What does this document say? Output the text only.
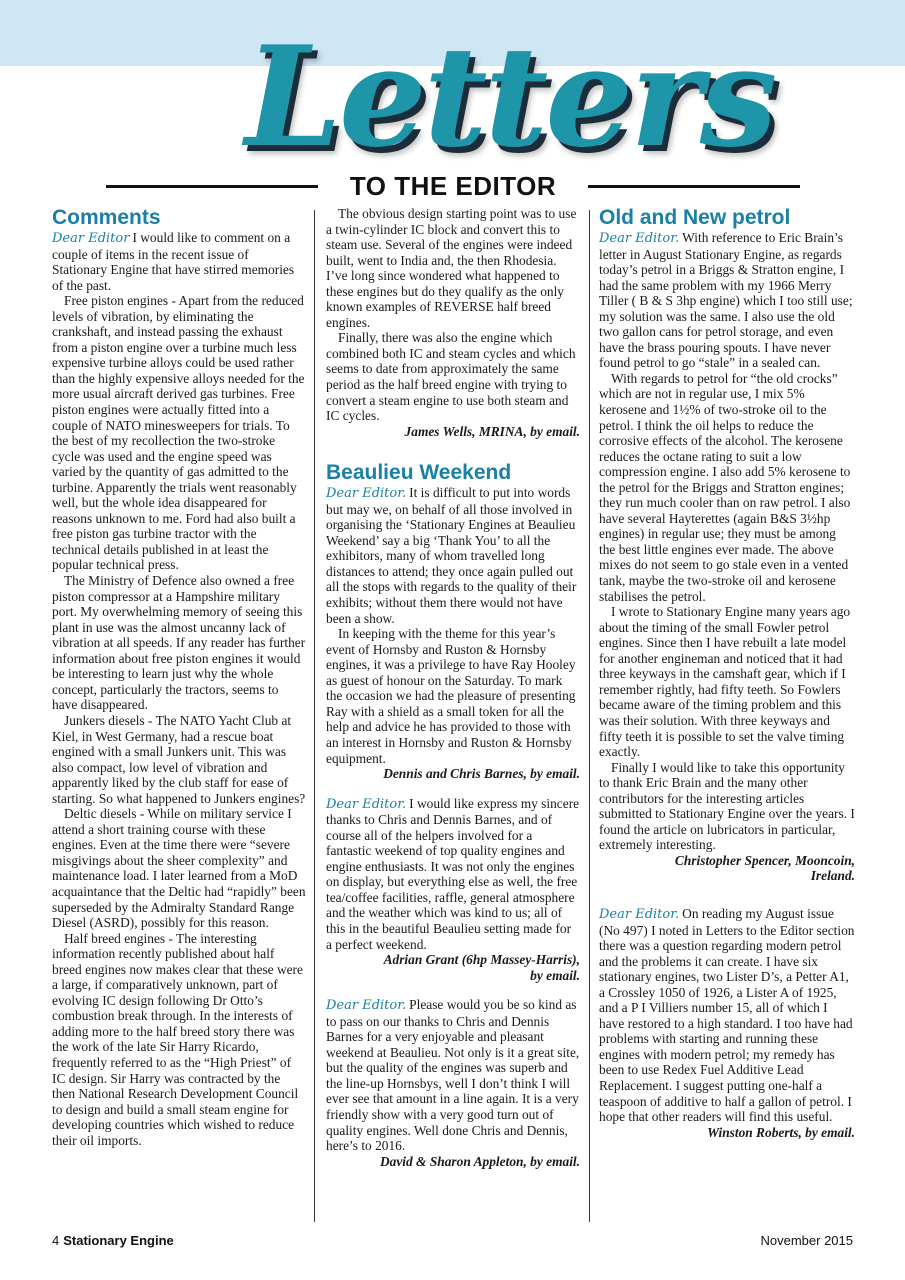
Letters
TO THE EDITOR
Comments

Dear Editor I would like to comment on a couple of items in the recent issue of Stationary Engine that have stirred memories of the past.

Free piston engines - Apart from the reduced levels of vibration, by eliminating the crankshaft, and instead passing the exhaust from a piston engine over a turbine much less expensive turbine alloys could be used rather than the highly expensive alloys needed for the more usual aircraft derived gas turbines. Free piston engines were actually fitted into a couple of NATO minesweepers for trials. To the best of my recollection the two-stroke cycle was used and the engine speed was varied by the quantity of gas admitted to the turbine. Apparently the trials went reasonably well, but the whole idea disappeared for reasons unknown to me. Ford had also built a free piston gas turbine tractor with the technical details published in at least the popular technical press.

The Ministry of Defence also owned a free piston compressor at a Hampshire military port. My overwhelming memory of seeing this plant in use was the almost uncanny lack of vibration at all speeds. If any reader has further information about free piston engines it would be interesting to learn just why the whole concept, particularly the tractors, seems to have disappeared.

Junkers diesels - The NATO Yacht Club at Kiel, in West Germany, had a rescue boat engined with a small Junkers unit. This was also compact, low level of vibration and apparently liked by the club staff for ease of starting. So what happened to Junkers engines?

Deltic diesels - While on military service I attend a short training course with these engines. Even at the time there were “severe misgivings about the sheer complexity” and maintenance load. I later learned from a MoD acquaintance that the Deltic had “rapidly” been superseded by the Admiralty Standard Range Diesel (ASRD), possibly for this reason.

Half breed engines - The interesting information recently published about half breed engines now makes clear that these were a large, if comparatively unknown, part of evolving IC design following Dr Otto’s combustion break through. In the interests of adding more to the half breed story there was the work of the late Sir Harry Ricardo, frequently referred to as the “High Priest” of IC design. Sir Harry was contracted by the then National Research Development Council to design and build a small steam engine for developing countries which wished to reduce their oil imports.

The obvious design starting point was to use a twin-cylinder IC block and convert this to steam use. Several of the engines were indeed built, went to India and, the then Rhodesia. I’ve long since wondered what happened to these engines but do they qualify as the only known examples of REVERSE half breed engines.

Finally, there was also the engine which combined both IC and steam cycles and which seems to date from approximately the same period as the half breed engine with trying to convert a steam engine to use both steam and IC cycles.

James Wells, MRINA, by email.

Beaulieu Weekend

Dear Editor. It is difficult to put into words but may we, on behalf of all those involved in organising the ‘Stationary Engines at Beaulieu Weekend’ say a big ‘Thank You’ to all the exhibitors, many of whom travelled long distances to attend; they once again pulled out all the stops with regards to the quality of their exhibits; without them there would not have been a show.

In keeping with the theme for this year’s event of Hornsby and Ruston & Hornsby engines, it was a privilege to have Ray Hooley as guest of honour on the Saturday. To mark the occasion we had the pleasure of presenting Ray with a shield as a small token for all the help and advice he has provided to those with an interest in Hornsby and Ruston & Hornsby equipment.

Dennis and Chris Barnes, by email.

Dear Editor. I would like express my sincere thanks to Chris and Dennis Barnes, and of course all of the helpers involved for a fantastic weekend of top quality engines and engine enthusiasts. It was not only the engines on display, but everything else as well, the free tea/coffee facilities, raffle, general atmosphere and the weather which was kind to us; all of this in the beautiful Beaulieu setting made for a perfect weekend.

Adrian Grant (6hp Massey-Harris),

by email.

Dear Editor. Please would you be so kind as to pass on our thanks to Chris and Dennis Barnes for a very enjoyable and pleasant weekend at Beaulieu. Not only is it a great site, but the quality of the engines was superb and the line-up Hornsbys, well I don’t think I will ever see that amount in a line again. It is a very friendly show with a very good turn out of quality engines. Well done Chris and Dennis, here’s to 2016.

David & Sharon Appleton, by email.

Old and New petrol

Dear Editor. With reference to Eric Brain’s letter in August Stationary Engine, as regards today’s petrol in a Briggs & Stratton engine, I had the same problem with my 1966 Merry Tiller ( B & S 3hp engine) which I too still use; my solution was the same. I also use the old two gallon cans for petrol storage, and even have the brass pouring spouts. I have never found petrol to go “stale” in a sealed can.

With regards to petrol for “the old crocks” which are not in regular use, I mix 5% kerosene and 1½% of two-stroke oil to the petrol. I think the oil helps to reduce the corrosive effects of the alcohol. The kerosene reduces the octane rating to suit a low compression engine. I also add 5% kerosene to the petrol for the Briggs and Stratton engines; they run much cooler than on raw petrol. I also have several Hayterettes (again B&S 3½hp engines) in regular use; they must be among the best little engines ever made. The above mixes do not seem to go stale even in a vented tank, maybe the two-stroke oil and kerosene stabilises the petrol.

I wrote to Stationary Engine many years ago about the timing of the small Fowler petrol engines. Since then I have rebuilt a late model for another engineman and noticed that it had three keyways in the camshaft gear, which if I remember rightly, had fifty teeth. So Fowlers became aware of the timing problem and this was their solution. With three keyways and fifty teeth it is possible to set the valve timing exactly.

Finally I would like to take this opportunity to thank Eric Brain and the many other contributors for the interesting articles submitted to Stationary Engine over the years. I found the article on lubricators in particular, extremely interesting.

Christopher Spencer, Mooncoin,

Ireland.

Dear Editor. On reading my August issue (No 497) I noted in Letters to the Editor section there was a question regarding modern petrol and the problems it can create. I have six stationary engines, two Lister D’s, a Petter A1, a Crossley 1050 of 1926, a Lister A of 1925, and a P I Villiers number 15, all of which I have restored to a high standard. I too have had problems with starting and running these engines with modern petrol; my remedy has been to use Redex Fuel Additive Lead Replacement. I suggest putting one-half a teaspoon of additive to half a gallon of petrol. I hope that other readers will find this useful.

Winston Roberts, by email.

4 Stationary Engine	November 2015
